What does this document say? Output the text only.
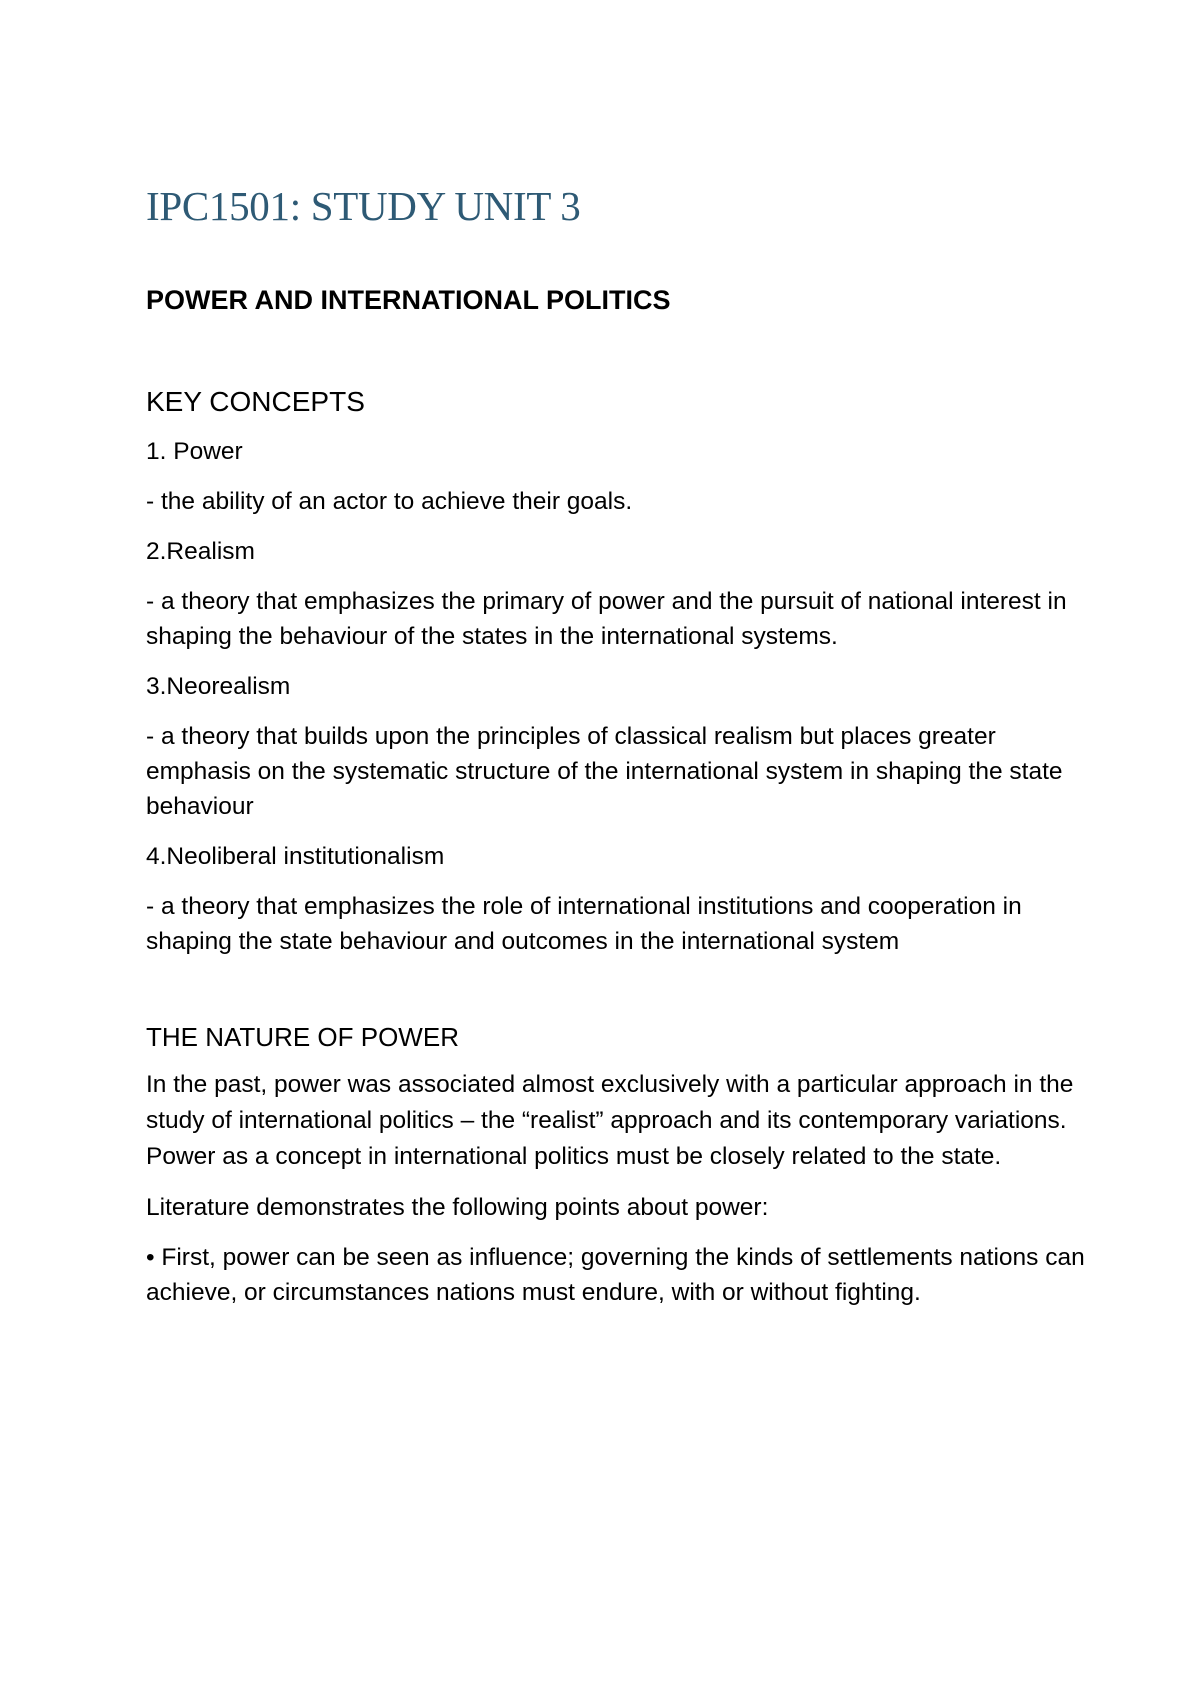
IPC1501: STUDY UNIT 3
POWER AND INTERNATIONAL POLITICS
KEY CONCEPTS

1. Power

- the ability of an actor to achieve their goals.

2.Realism

- a theory that emphasizes the primary of power and the pursuit of national interest in shaping the behaviour of the states in the international systems.

3.Neorealism

- a theory that builds upon the principles of classical realism but places greater emphasis on the systematic structure of the international system in shaping the state behaviour

4.Neoliberal institutionalism

- a theory that emphasizes the role of international institutions and cooperation in shaping the state behaviour and outcomes in the international system

THE NATURE OF POWER

In the past, power was associated almost exclusively with a particular approach in the study of international politics – the “realist” approach and its contemporary variations. Power as a concept in international politics must be closely related to the state.

Literature demonstrates the following points about power:

• First, power can be seen as influence; governing the kinds of settlements nations can achieve, or circumstances nations must endure, with or without fighting.
